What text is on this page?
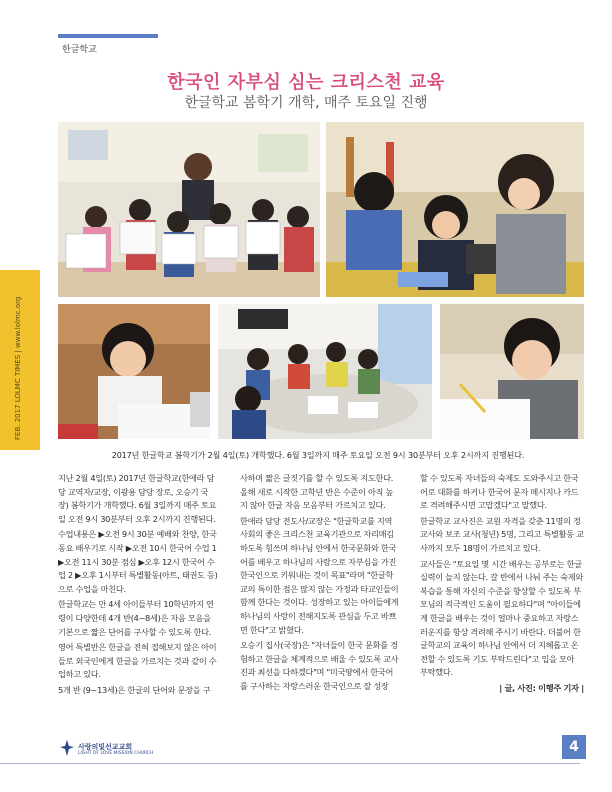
한글학교
한국인 자부심 심는 크리스천 교육
한글학교 봄학기 개학, 매주 토요일 진행
FEB. 2017 LOLMC TIMES | www.lolmc.org
2017년 한글학교 봄학기가 2월 4일(토) 개학했다. 6월 3일까지 매주 토요일 오전 9시 30분부터 오후 2시까지 진행된다.

지난 2월 4일(토) 2017년 한글학교(한애라 담당 교역자/교장, 이광용 담당 장로, 오승기 국장) 봄학기가 개학했다. 6월 3일까지 매주 토요일 오전 9시 30분부터 오후 2시까지 진행된다.

수업내용은 ▶오전 9시 30분 예배와 찬양, 한국 동요 배우기로 시작 ▶오전 10시 한국어 수업 1 ▶오전 11시 30분 점심 ▶오후 12시 한국어 수업 2 ▶오후 1시부터 특별활동(아트, 태권도 등)으로 수업을 마친다.

한글학교는 만 4세 아이들부터 10학년까지 연령이 다양한데 4개 반(4~8세)은 자음 모음을 기본으로 짧은 단어를 구사할 수 있도록 한다.

영어 특별반은 한글을 전혀 접해보지 않은 아이들로 외국인에게 한글을 가르치는 것과 같이 수업하고 있다.

5개 반 (9~13세)은 한글의 단어와 문장을 구

사하며 짧은 글짓기를 할 수 있도록 지도한다. 올해 새로 시작한 고학년 반은 수준이 아직 높지 않아 한글 자음 모음부터 가르치고 있다.

한애라 담당 전도사/교장은 "한글학교를 지역 사회의 좋은 크리스천 교육기관으로 자리매김하도록 힘쓰며 하나님 안에서 한국문화와 한국어를 배우고 하나님의 사람으로 자부심을 가진 한국인으로 키워내는 것이 목표"라며 "한글학교의 특이한 점은 많지 않는 가정과 타교인들이 함께 한다는 것이다. 성장하고 있는 아이들에게 하나님의 사랑이 전해지도록 관심을 두고 바쁘면 한다"고 밝혔다.

오승기 집사(국장)은 "자녀들이 한국 문화를 경험하고 한글을 체계적으로 배울 수 있도록 교사진과 최선을 다하겠다"며 "미국땅에서 한국어를 구사하는 자랑스러운 한국인으로 잘 성장

할 수 있도록 자녀들의 숙제도 도와주시고 한국어로 대화를 하거나 한국어 문자 메시지나 카드로 격려해주시면 고맙겠다"고 말했다.

한글학교 교사진은 교원 자격을 갖춘 11명의 정 교사와 보조 교사(청년) 5명, 그리고 특별활동 교사까지 모두 18명이 가르치고 있다.

교사들은 "토요일 몇 시간 배우는 공부로는 한글 실력이 늘지 않는다. 갈 반에서 나눠 주는 숙제와 복습을 통해 자신의 수준을 향상할 수 있도록 부모님의 적극적인 도움이 필요하다"며 "아이들에게 한글을 배우는 것이 얼마나 중요하고 자랑스러운지를 항상 격려해 주시기 바란다. 더불어 한글학교의 교육이 하나님 안에서 더 지혜롭고 온전할 수 있도록 기도 부탁드린다"고 입을 모아 부탁했다.

| 글, 사진: 이행주 기자 |

사랑의빛선교교회
LIGHT OF LOVE MISSION CHURCH	4
